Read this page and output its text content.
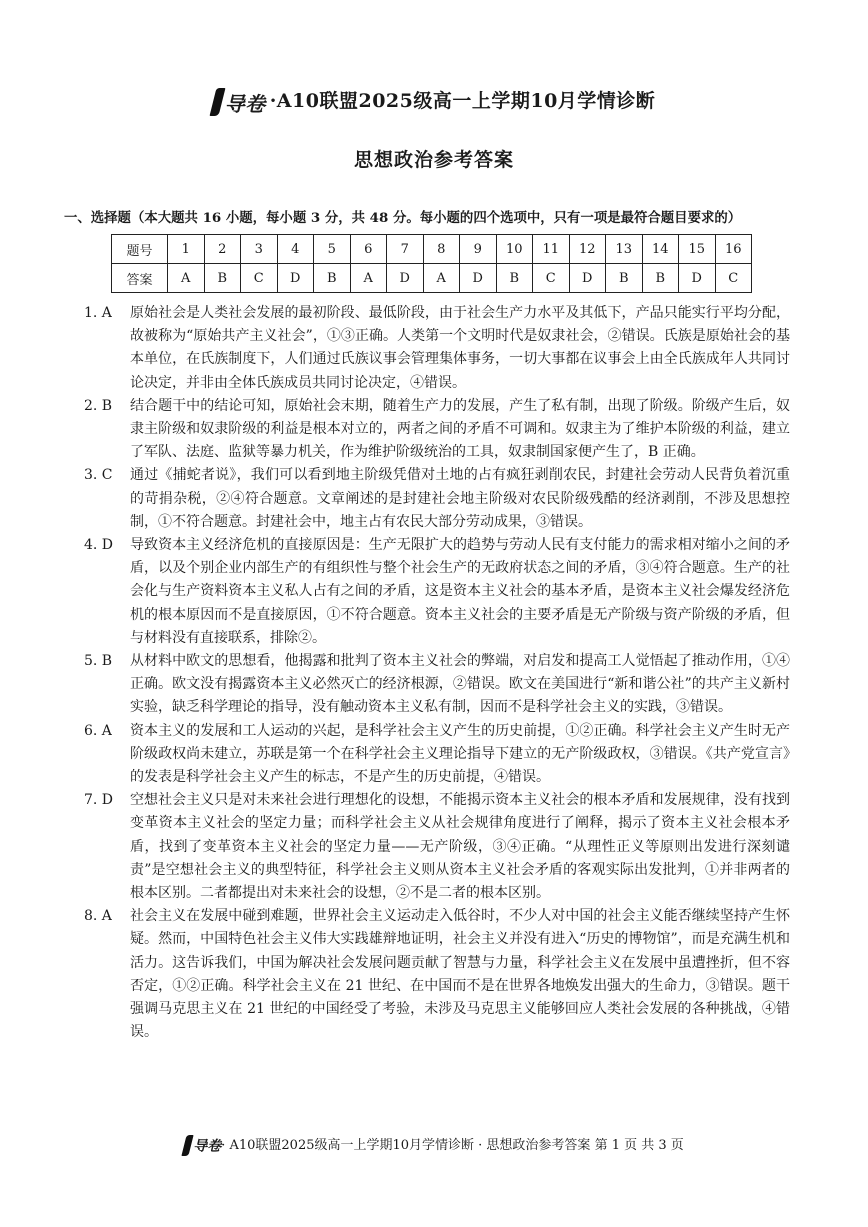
导卷 ·A10联盟2025级高一上学期10月学情诊断
思想政治参考答案
一、选择题（本大题共 16 小题，每小题 3 分，共 48 分。每小题的四个选项中，只有一项是最符合题目要求的）
题号	1	2	3	4	5	6	7	8	9	10	11	12	13	14	15	16
答案	A	B	C	D	B	A	D	A	D	B	C	D	B	B	D	C
1. A	原始社会是人类社会发展的最初阶段、最低阶段，由于社会生产力水平及其低下，产品只能实行平均分配，故被称为“原始共产主义社会”，①③正确。人类第一个文明时代是奴隶社会，②错误。氏族是原始社会的基本单位，在氏族制度下，人们通过氏族议事会管理集体事务，一切大事都在议事会上由全氏族成年人共同讨论决定，并非由全体氏族成员共同讨论决定，④错误。
2. B	结合题干中的结论可知，原始社会末期，随着生产力的发展，产生了私有制，出现了阶级。阶级产生后，奴隶主阶级和奴隶阶级的利益是根本对立的，两者之间的矛盾不可调和。奴隶主为了维护本阶级的利益，建立了军队、法庭、监狱等暴力机关，作为维护阶级统治的工具，奴隶制国家便产生了，B 正确。
3. C	通过《捕蛇者说》，我们可以看到地主阶级凭借对土地的占有疯狂剥削农民，封建社会劳动人民背负着沉重的苛捐杂税，②④符合题意。文章阐述的是封建社会地主阶级对农民阶级残酷的经济剥削，不涉及思想控制，①不符合题意。封建社会中，地主占有农民大部分劳动成果，③错误。
4. D	导致资本主义经济危机的直接原因是：生产无限扩大的趋势与劳动人民有支付能力的需求相对缩小之间的矛盾，以及个别企业内部生产的有组织性与整个社会生产的无政府状态之间的矛盾，③④符合题意。生产的社会化与生产资料资本主义私人占有之间的矛盾，这是资本主义社会的基本矛盾，是资本主义社会爆发经济危机的根本原因而不是直接原因，①不符合题意。资本主义社会的主要矛盾是无产阶级与资产阶级的矛盾，但与材料没有直接联系，排除②。
5. B	从材料中欧文的思想看，他揭露和批判了资本主义社会的弊端，对启发和提高工人觉悟起了推动作用，①④正确。欧文没有揭露资本主义必然灭亡的经济根源，②错误。欧文在美国进行“新和谐公社”的共产主义新村实验，缺乏科学理论的指导，没有触动资本主义私有制，因而不是科学社会主义的实践，③错误。
6. A	资本主义的发展和工人运动的兴起，是科学社会主义产生的历史前提，①②正确。科学社会主义产生时无产阶级政权尚未建立，苏联是第一个在科学社会主义理论指导下建立的无产阶级政权，③错误。《共产党宣言》的发表是科学社会主义产生的标志，不是产生的历史前提，④错误。
7. D	空想社会主义只是对未来社会进行理想化的设想，不能揭示资本主义社会的根本矛盾和发展规律，没有找到变革资本主义社会的坚定力量；而科学社会主义从社会规律角度进行了阐释，揭示了资本主义社会根本矛盾，找到了变革资本主义社会的坚定力量——无产阶级，③④正确。“从理性正义等原则出发进行深刻谴责”是空想社会主义的典型特征，科学社会主义则从资本主义社会矛盾的客观实际出发批判，①并非两者的根本区别。二者都提出对未来社会的设想，②不是二者的根本区别。
8. A	社会主义在发展中碰到难题，世界社会主义运动走入低谷时，不少人对中国的社会主义能否继续坚持产生怀疑。然而，中国特色社会主义伟大实践雄辩地证明，社会主义并没有进入“历史的博物馆”，而是充满生机和活力。这告诉我们，中国为解决社会发展问题贡献了智慧与力量，科学社会主义在发展中虽遭挫折，但不容否定，①②正确。科学社会主义在 21 世纪、在中国而不是在世界各地焕发出强大的生命力，③错误。题干强调马克思主义在 21 世纪的中国经受了考验，未涉及马克思主义能够回应人类社会发展的各种挑战，④错误。
导卷· A10联盟2025级高一上学期10月学情诊断 · 思想政治参考答案 第 1 页 共 3 页
